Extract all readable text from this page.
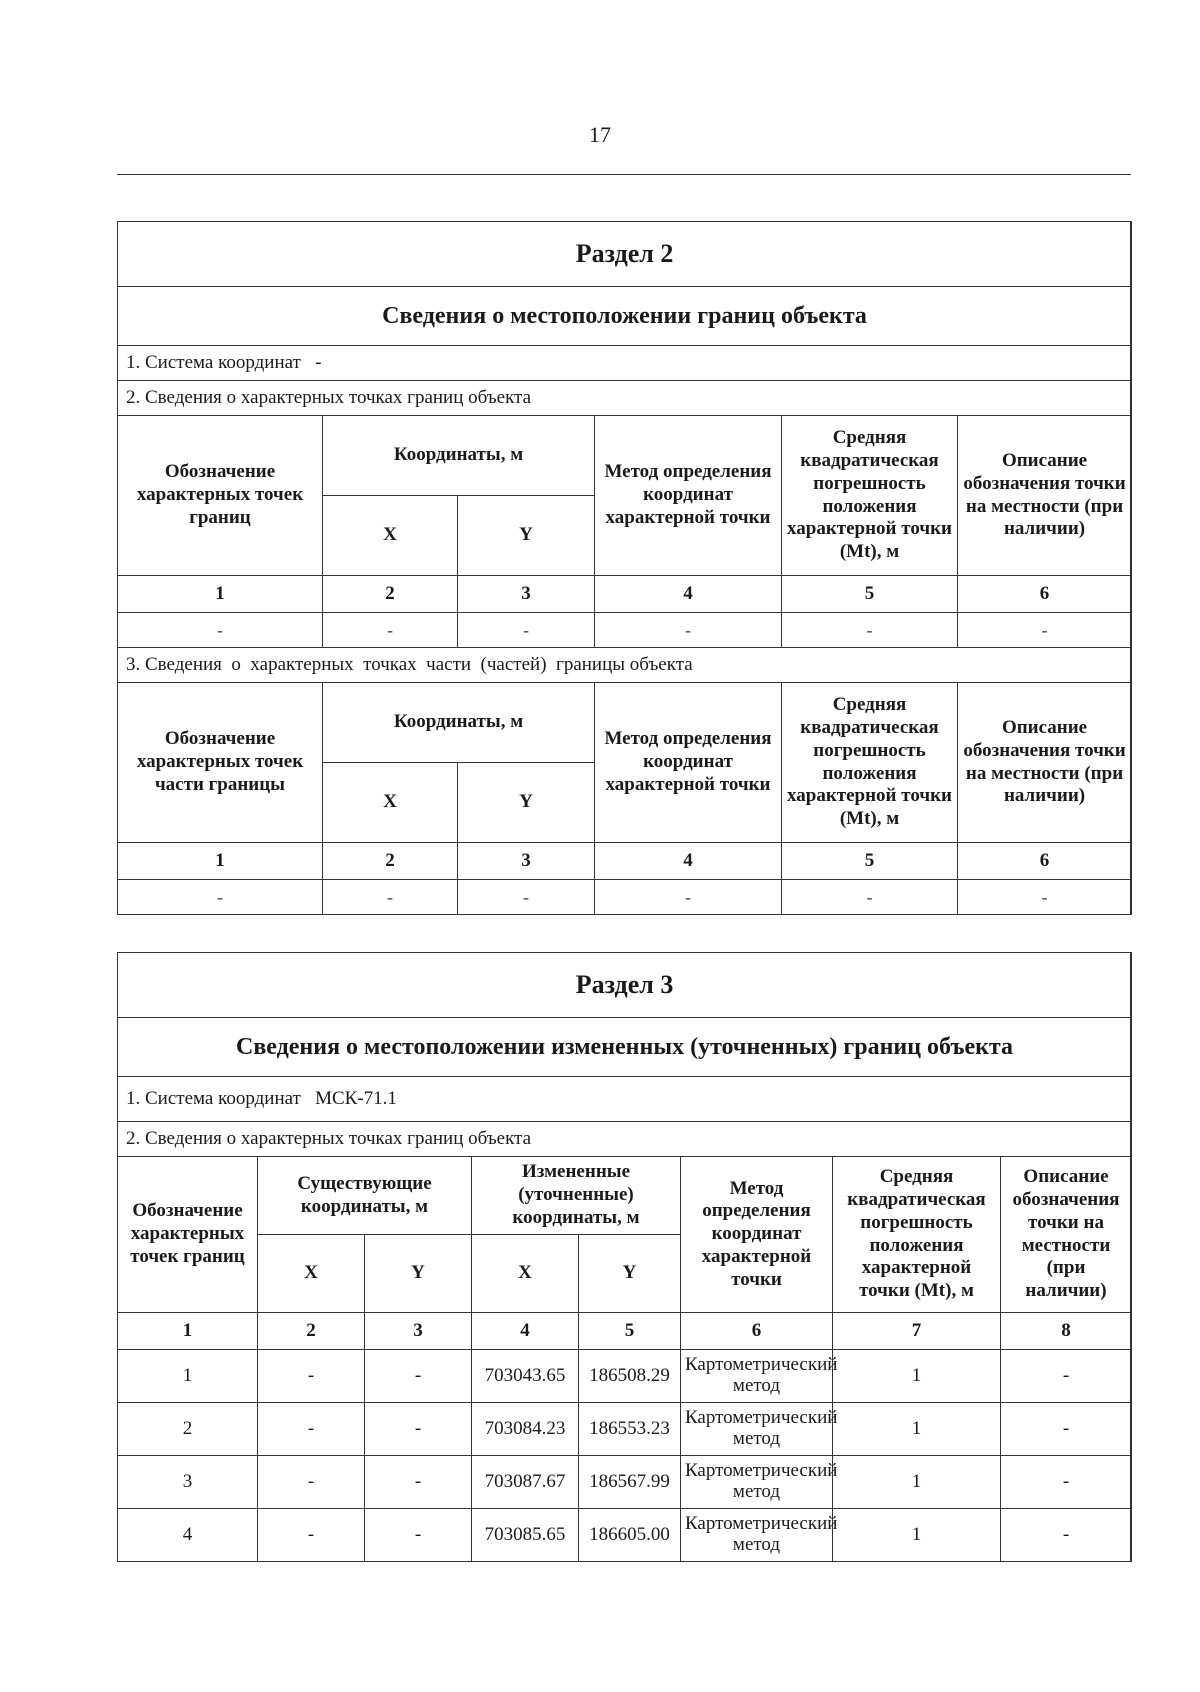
17
Раздел 2					
Сведения о местоположении границ объекта					
1. Система координат -					
2. Сведения о характерных точках границ объекта					
Обозначение характерных точек границ	Координаты, м		Метод определения координат характерной точки	Средняя квадратическая погрешность положения характерной точки (Mt), м	Описание обозначения точки на местности (при наличии)
	X	Y			
1	2	3	4	5	6
-	-	-	-	-	-
3. Сведения  о  характерных  точках  части  (частей)  границы объекта					
Обозначение характерных точек части границы	Координаты, м		Метод определения координат характерной точки	Средняя квадратическая погрешность положения характерной точки (Mt), м	Описание обозначения точки на местности (при наличии)
	X	Y			
1	2	3	4	5	6
-	-	-	-	-	-
Раздел 3							
Сведения о местоположении измененных (уточненных) границ объекта							
1. Система координат МСК-71.1							
2. Сведения о характерных точках границ объекта							
Обозначение характерных точек границ	Существующие координаты, м		Измененные (уточненные) координаты, м		Метод определения координат характерной точки	Средняя квадратическая погрешность положения характерной точки (Mt), м	Описание обозначения точки на местности (при наличии)
	X	Y	X	Y			
1	2	3	4	5	6	7	8
1	-	-	703043.65	186508.29	Картометрический метод	1	-
2	-	-	703084.23	186553.23	Картометрический метод	1	-
3	-	-	703087.67	186567.99	Картометрический метод	1	-
4	-	-	703085.65	186605.00	Картометрический метод	1	-
